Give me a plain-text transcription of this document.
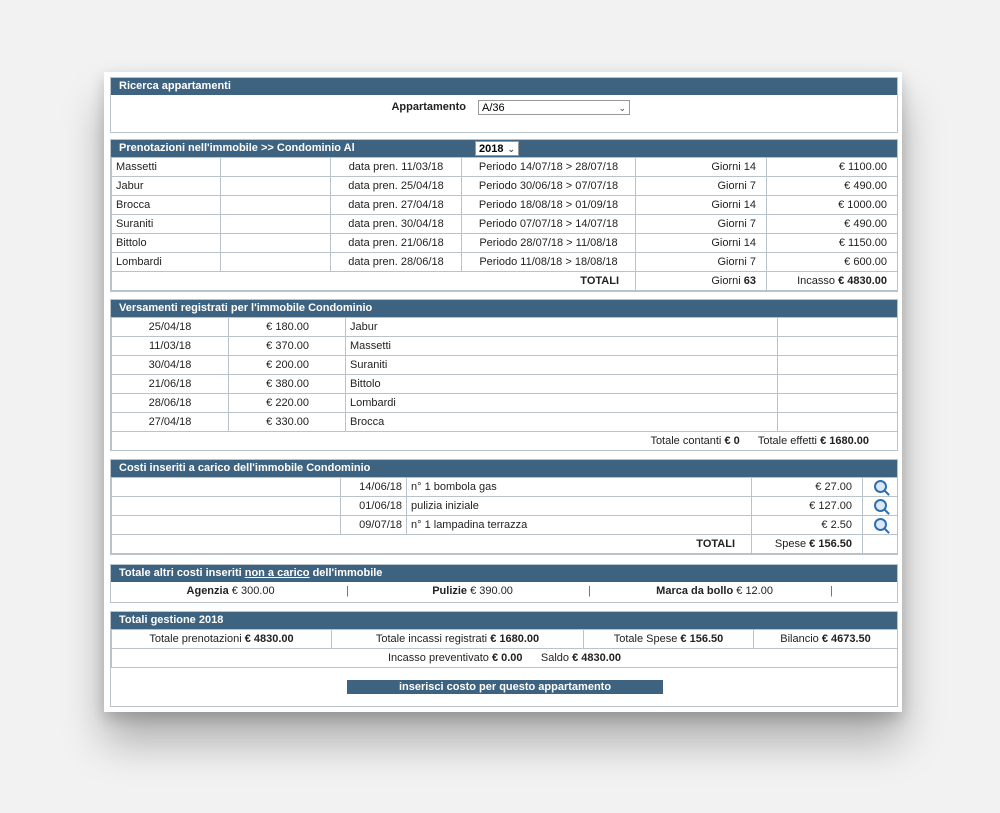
Ricerca appartamenti
Appartamento	A/36	⌄
Prenotazioni nell'immobile >> Condominio Al	2018 ⌄
Massetti		data pren. 11/03/18	Periodo 14/07/18 > 28/07/18	Giorni 14	€ 1100.00
Jabur		data pren. 25/04/18	Periodo 30/06/18 > 07/07/18	Giorni 7	€ 490.00
Brocca		data pren. 27/04/18	Periodo 18/08/18 > 01/09/18	Giorni 14	€ 1000.00
Suraniti		data pren. 30/04/18	Periodo 07/07/18 > 14/07/18	Giorni 7	€ 490.00
Bittolo		data pren. 21/06/18	Periodo 28/07/18 > 11/08/18	Giorni 14	€ 1150.00
Lombardi		data pren. 28/06/18	Periodo 11/08/18 > 18/08/18	Giorni 7	€ 600.00
TOTALI				Giorni 63	Incasso € 4830.00
Versamenti registrati per l'immobile Condominio
25/04/18	€ 180.00	Jabur	
11/03/18	€ 370.00	Massetti	
30/04/18	€ 200.00	Suraniti	
21/06/18	€ 380.00	Bittolo	
28/06/18	€ 220.00	Lombardi	
27/04/18	€ 330.00	Brocca	
Totale contanti € 0 Totale effetti € 1680.00			
Costi inseriti a carico dell'immobile Condominio
	14/06/18	n° 1 bombola gas	€ 27.00	
	01/06/18	pulizia iniziale	€ 127.00	
	09/07/18	n° 1 lampadina terrazza	€ 2.50	
TOTALI			Spese € 156.50	
Totale altri costi inseriti non a carico dell'immobile
Agenzia € 300.00	|	Pulizie € 390.00	|	Marca da bollo € 12.00	|

Totali gestione 2018
Totale prenotazioni € 4830.00	Totale incassi registrati € 1680.00	Totale Spese € 156.50	Bilancio € 4673.50
Incasso preventivato € 0.00 Saldo € 4830.00
inserisci costo per questo appartamento
